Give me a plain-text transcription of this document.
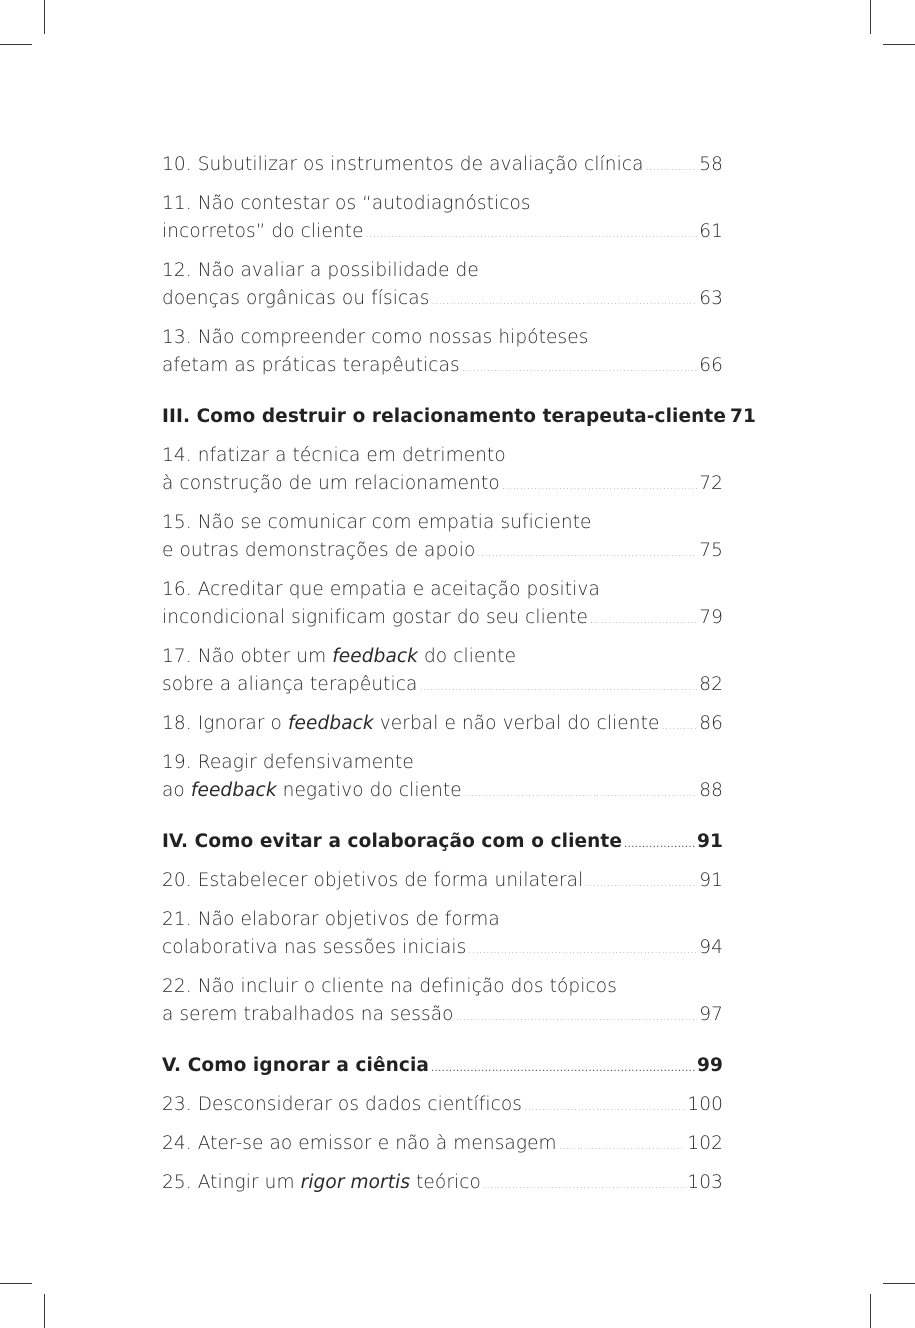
10. Subutilizar os instrumentos de avaliação clínica .....	58
11. Não contestar os “autodiagnósticos
incorretos” do cliente .....	61
12. Não avaliar a possibilidade de
doenças orgânicas ou físicas .....	63
13. Não compreender como nossas hipóteses
afetam as práticas terapêuticas .....	66
III. Como destruir o relacionamento terapeuta-cliente 71
14. nfatizar a técnica em detrimento
à construção de um relacionamento .....	72
15. Não se comunicar com empatia suficiente
e outras demonstrações de apoio .....	75
16. Acreditar que empatia e aceitação positiva
incondicional significam gostar do seu cliente .....	79
17. Não obter um feedback do cliente
sobre a aliança terapêutica .....	82
18. Ignorar o feedback verbal e não verbal do cliente ..... 86
19. Reagir defensivamente
ao feedback negativo do cliente .....	88
IV. Como evitar a colaboração com o cliente .....	91
20. Estabelecer objetivos de forma unilateral .....	91
21. Não elaborar objetivos de forma
colaborativa nas sessões iniciais .....	94
22. Não incluir o cliente na definição dos tópicos
a serem trabalhados na sessão .....	97
V. Como ignorar a ciência .....	99
23. Desconsiderar os dados científicos .....	100
24. Ater-se ao emissor e não à mensagem .....	102
25. Atingir um rigor mortis teórico .....	103
